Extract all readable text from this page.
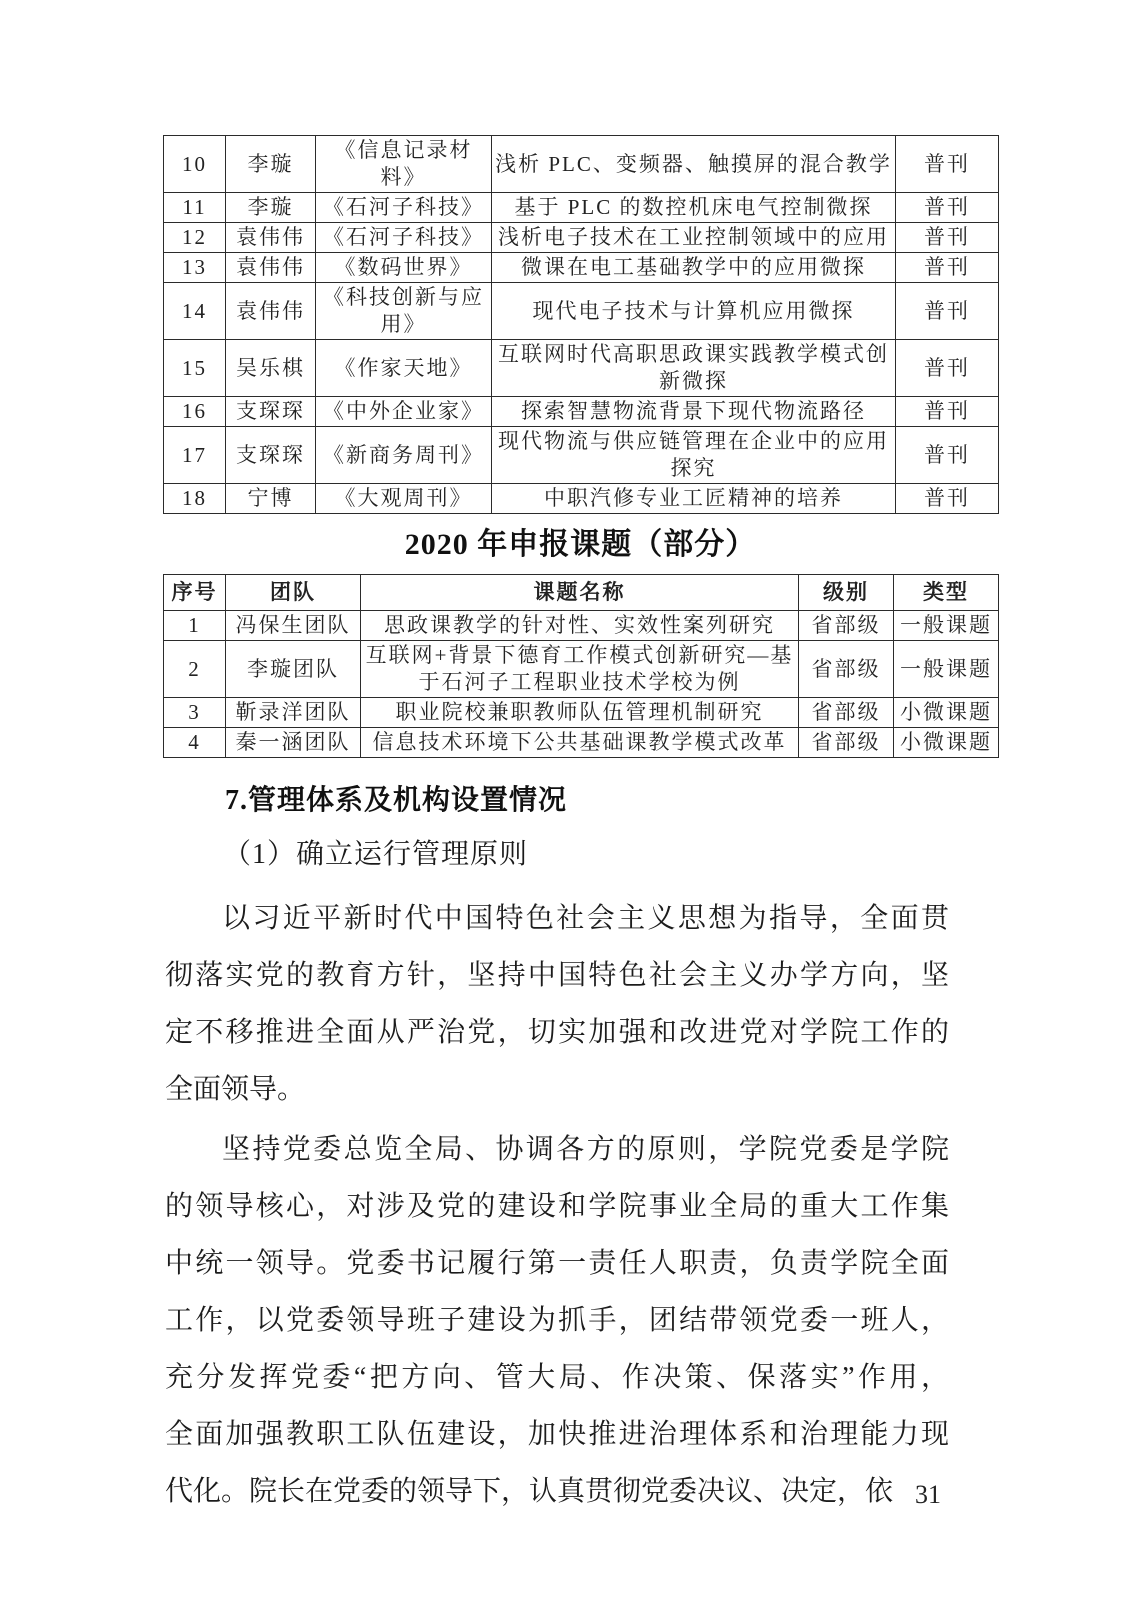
10	李璇	《信息记录材料》	浅析 PLC、变频器、触摸屏的混合教学	普刊
11	李璇	《石河子科技》	基于 PLC 的数控机床电气控制微探	普刊
12	袁伟伟	《石河子科技》	浅析电子技术在工业控制领域中的应用	普刊
13	袁伟伟	《数码世界》	微课在电工基础教学中的应用微探	普刊
14	袁伟伟	《科技创新与应用》	现代电子技术与计算机应用微探	普刊
15	吴乐棋	《作家天地》	互联网时代高职思政课实践教学模式创新微探	普刊
16	支琛琛	《中外企业家》	探索智慧物流背景下现代物流路径	普刊
17	支琛琛	《新商务周刊》	现代物流与供应链管理在企业中的应用探究	普刊
18	宁博	《大观周刊》	中职汽修专业工匠精神的培养	普刊
2020 年申报课题（部分）
序号	团队	课题名称	级别	类型
1	冯保生团队	思政课教学的针对性、实效性案列研究	省部级	一般课题
2	李璇团队	互联网+背景下德育工作模式创新研究—基于石河子工程职业技术学校为例	省部级	一般课题
3	靳录洋团队	职业院校兼职教师队伍管理机制研究	省部级	小微课题
4	秦一涵团队	信息技术环境下公共基础课教学模式改革	省部级	小微课题
7.管理体系及机构设置情况
（1）确立运行管理原则

以习近平新时代中国特色社会主义思想为指导，全面贯
彻落实党的教育方针，坚持中国特色社会主义办学方向，坚
定不移推进全面从严治党，切实加强和改进党对学院工作的
全面领导。

坚持党委总览全局、协调各方的原则，学院党委是学院
的领导核心，对涉及党的建设和学院事业全局的重大工作集
中统一领导。党委书记履行第一责任人职责，负责学院全面
工作，以党委领导班子建设为抓手，团结带领党委一班人，
充分发挥党委“把方向、管大局、作决策、保落实”作用，
全面加强教职工队伍建设，加快推进治理体系和治理能力现
代化。院长在党委的领导下，认真贯彻党委决议、决定，依 31
